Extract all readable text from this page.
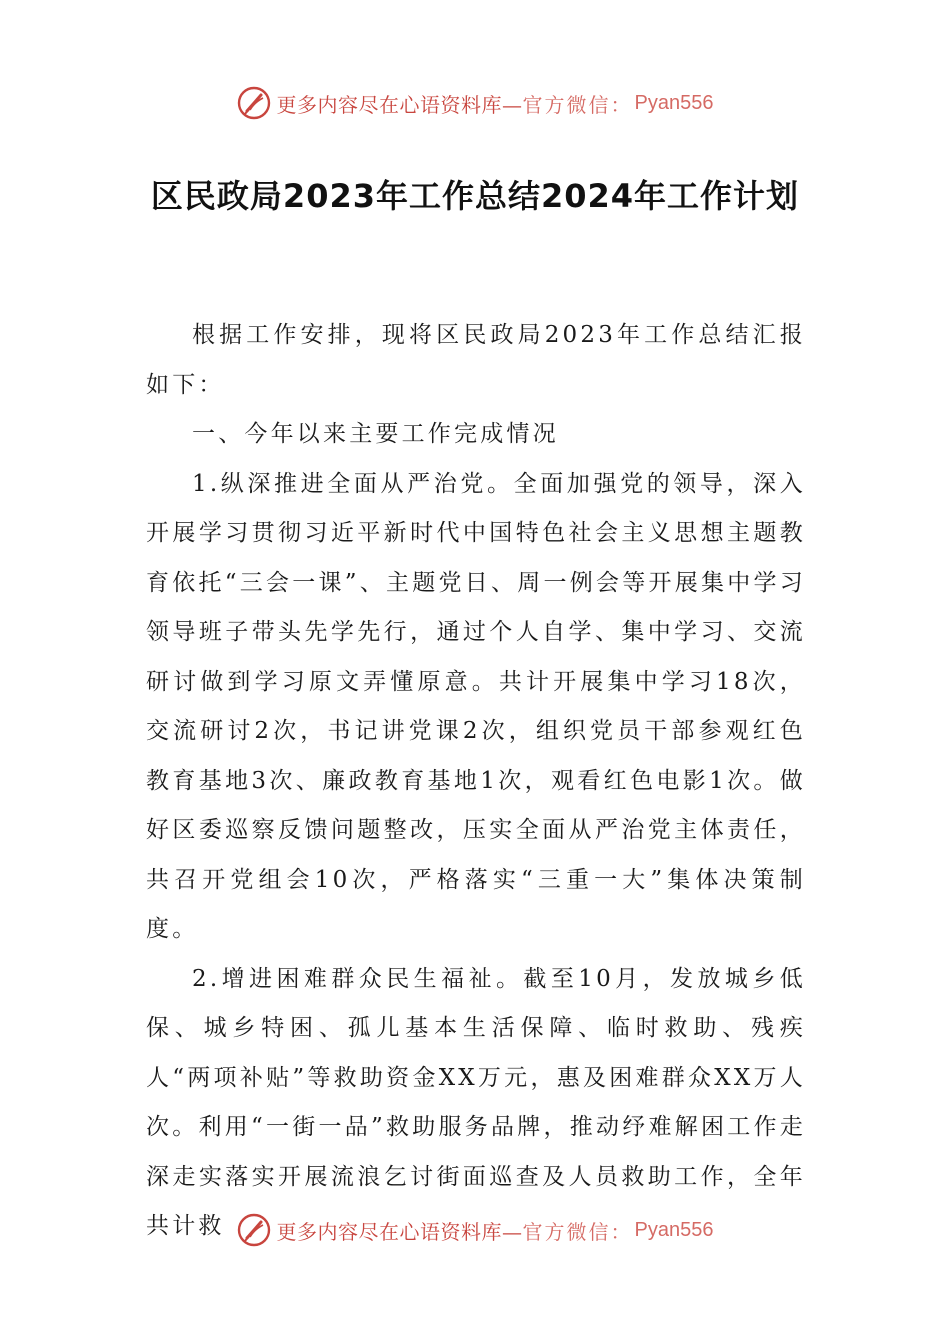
更多内容尽在心语资料库— 官方微信： Pyan556
区民政局2023年工作总结2024年工作计划

根据工作安排，现将区民政局2023年工作总结汇报如下：

一、今年以来主要工作完成情况

1.纵深推进全面从严治党。全面加强党的领导，深入开展学习贯彻习近平新时代中国特色社会主义思想主题教育依托“三会一课”、主题党日、周一例会等开展集中学习领导班子带头先学先行，通过个人自学、集中学习、交流研讨做到学习原文弄懂原意。共计开展集中学习18次，交流研讨2次，书记讲党课2次，组织党员干部参观红色教育基地3次、廉政教育基地1次，观看红色电影1次。做好区委巡察反馈问题整改，压实全面从严治党主体责任，共召开党组会10次，严格落实“三重一大”集体决策制度。

2.增进困难群众民生福祉。截至10月，发放城乡低保、城乡特困、孤儿基本生活保障、临时救助、残疾人“两项补贴”等救助资金XX万元，惠及困难群众XX万人次。利用“一街一品”救助服务品牌，推动纾难解困工作走深走实落实开展流浪乞讨街面巡查及人员救助工作，全年共计救	更多内容尽在心语资料库— 官方微信： Pyan556
